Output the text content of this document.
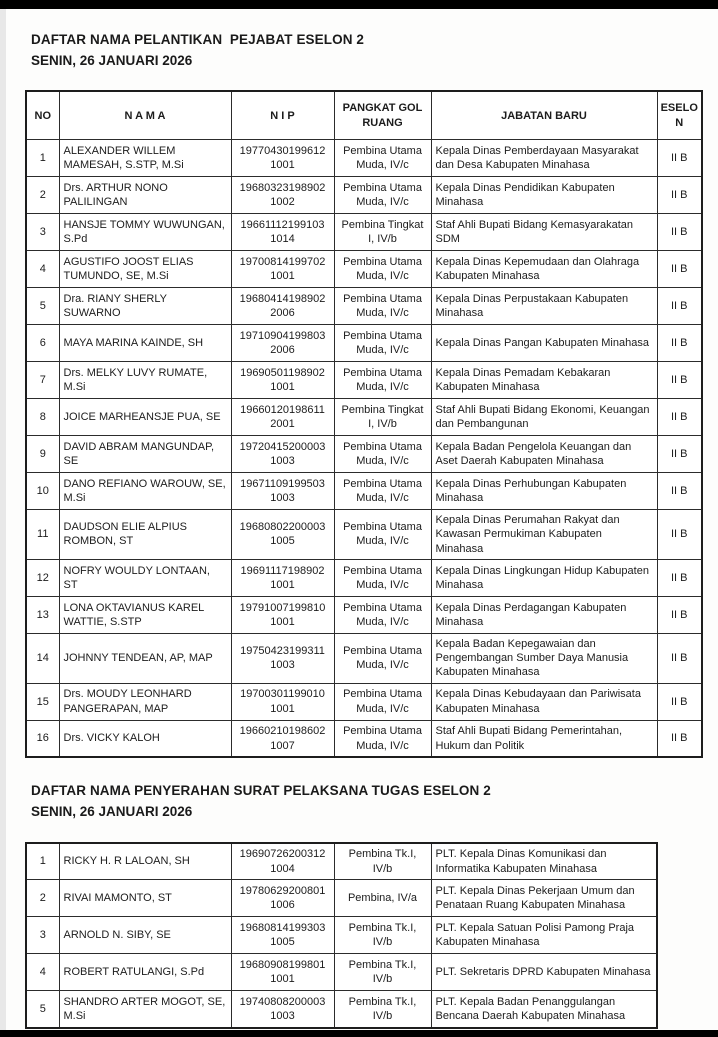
DAFTAR NAMA PELANTIKAN  PEJABAT ESELON 2
SENIN, 26 JANUARI 2026
NO	N A M A	N I P	PANGKAT GOL RUANG	JABATAN BARU	ESELON
1	ALEXANDER WILLEM MAMESAH, S.STP, M.Si	19770430199612 1001	Pembina Utama Muda, IV/c	Kepala Dinas Pemberdayaan Masyarakat dan Desa Kabupaten Minahasa	II B
2	Drs. ARTHUR NONO PALILINGAN	19680323198902 1002	Pembina Utama Muda, IV/c	Kepala Dinas Pendidikan Kabupaten Minahasa	II B
3	HANSJE TOMMY WUWUNGAN, S.Pd	19661112199103 1014	Pembina Tingkat I, IV/b	Staf Ahli Bupati Bidang Kemasyarakatan SDM	II B
4	AGUSTIFO JOOST ELIAS TUMUNDO, SE, M.Si	19700814199702 1001	Pembina Utama Muda, IV/c	Kepala Dinas Kepemudaan dan Olahraga Kabupaten Minahasa	II B
5	Dra. RIANY SHERLY SUWARNO	19680414198902 2006	Pembina Utama Muda, IV/c	Kepala Dinas Perpustakaan Kabupaten Minahasa	II B
6	MAYA MARINA KAINDE, SH	19710904199803 2006	Pembina Utama Muda, IV/c	Kepala Dinas Pangan Kabupaten Minahasa	II B
7	Drs. MELKY LUVY RUMATE, M.Si	19690501198902 1001	Pembina Utama Muda, IV/c	Kepala Dinas Pemadam Kebakaran Kabupaten Minahasa	II B
8	JOICE MARHEANSJE PUA, SE	19660120198611 2001	Pembina Tingkat I, IV/b	Staf Ahli Bupati Bidang Ekonomi, Keuangan dan Pembangunan	II B
9	DAVID ABRAM MANGUNDAP, SE	19720415200003 1003	Pembina Utama Muda, IV/c	Kepala Badan Pengelola Keuangan dan Aset Daerah Kabupaten Minahasa	II B
10	DANO REFIANO WAROUW, SE, M.Si	19671109199503 1003	Pembina Utama Muda, IV/c	Kepala Dinas Perhubungan Kabupaten Minahasa	II B
11	DAUDSON ELIE ALPIUS ROMBON, ST	19680802200003 1005	Pembina Utama Muda, IV/c	Kepala Dinas Perumahan Rakyat dan Kawasan Permukiman Kabupaten Minahasa	II B
12	NOFRY WOULDY LONTAAN, ST	19691117198902 1001	Pembina Utama Muda, IV/c	Kepala Dinas Lingkungan Hidup Kabupaten Minahasa	II B
13	LONA OKTAVIANUS KAREL WATTIE, S.STP	19791007199810 1001	Pembina Utama Muda, IV/c	Kepala Dinas Perdagangan Kabupaten Minahasa	II B
14	JOHNNY TENDEAN, AP, MAP	19750423199311 1003	Pembina Utama Muda, IV/c	Kepala Badan Kepegawaian dan Pengembangan Sumber Daya Manusia Kabupaten Minahasa	II B
15	Drs. MOUDY LEONHARD PANGERAPAN, MAP	19700301199010 1001	Pembina Utama Muda, IV/c	Kepala Dinas Kebudayaan dan Pariwisata Kabupaten Minahasa	II B
16	Drs. VICKY KALOH	19660210198602 1007	Pembina Utama Muda, IV/c	Staf Ahli Bupati Bidang Pemerintahan, Hukum dan Politik	II B
DAFTAR NAMA PENYERAHAN SURAT PELAKSANA TUGAS ESELON 2
SENIN, 26 JANUARI 2026
1	RICKY H. R LALOAN, SH	19690726200312 1004	Pembina Tk.I, IV/b	PLT. Kepala Dinas Komunikasi dan Informatika Kabupaten Minahasa
2	RIVAI MAMONTO, ST	19780629200801 1006	Pembina, IV/a	PLT. Kepala Dinas Pekerjaan Umum dan Penataan Ruang Kabupaten Minahasa
3	ARNOLD N. SIBY, SE	19680814199303 1005	Pembina Tk.I, IV/b	PLT. Kepala Satuan Polisi Pamong Praja Kabupaten Minahasa
4	ROBERT RATULANGI, S.Pd	19680908199801 1001	Pembina Tk.I, IV/b	PLT. Sekretaris DPRD Kabupaten Minahasa
5	SHANDRO ARTER MOGOT, SE, M.Si	19740808200003 1003	Pembina Tk.I, IV/b	PLT. Kepala Badan Penanggulangan Bencana Daerah Kabupaten Minahasa
